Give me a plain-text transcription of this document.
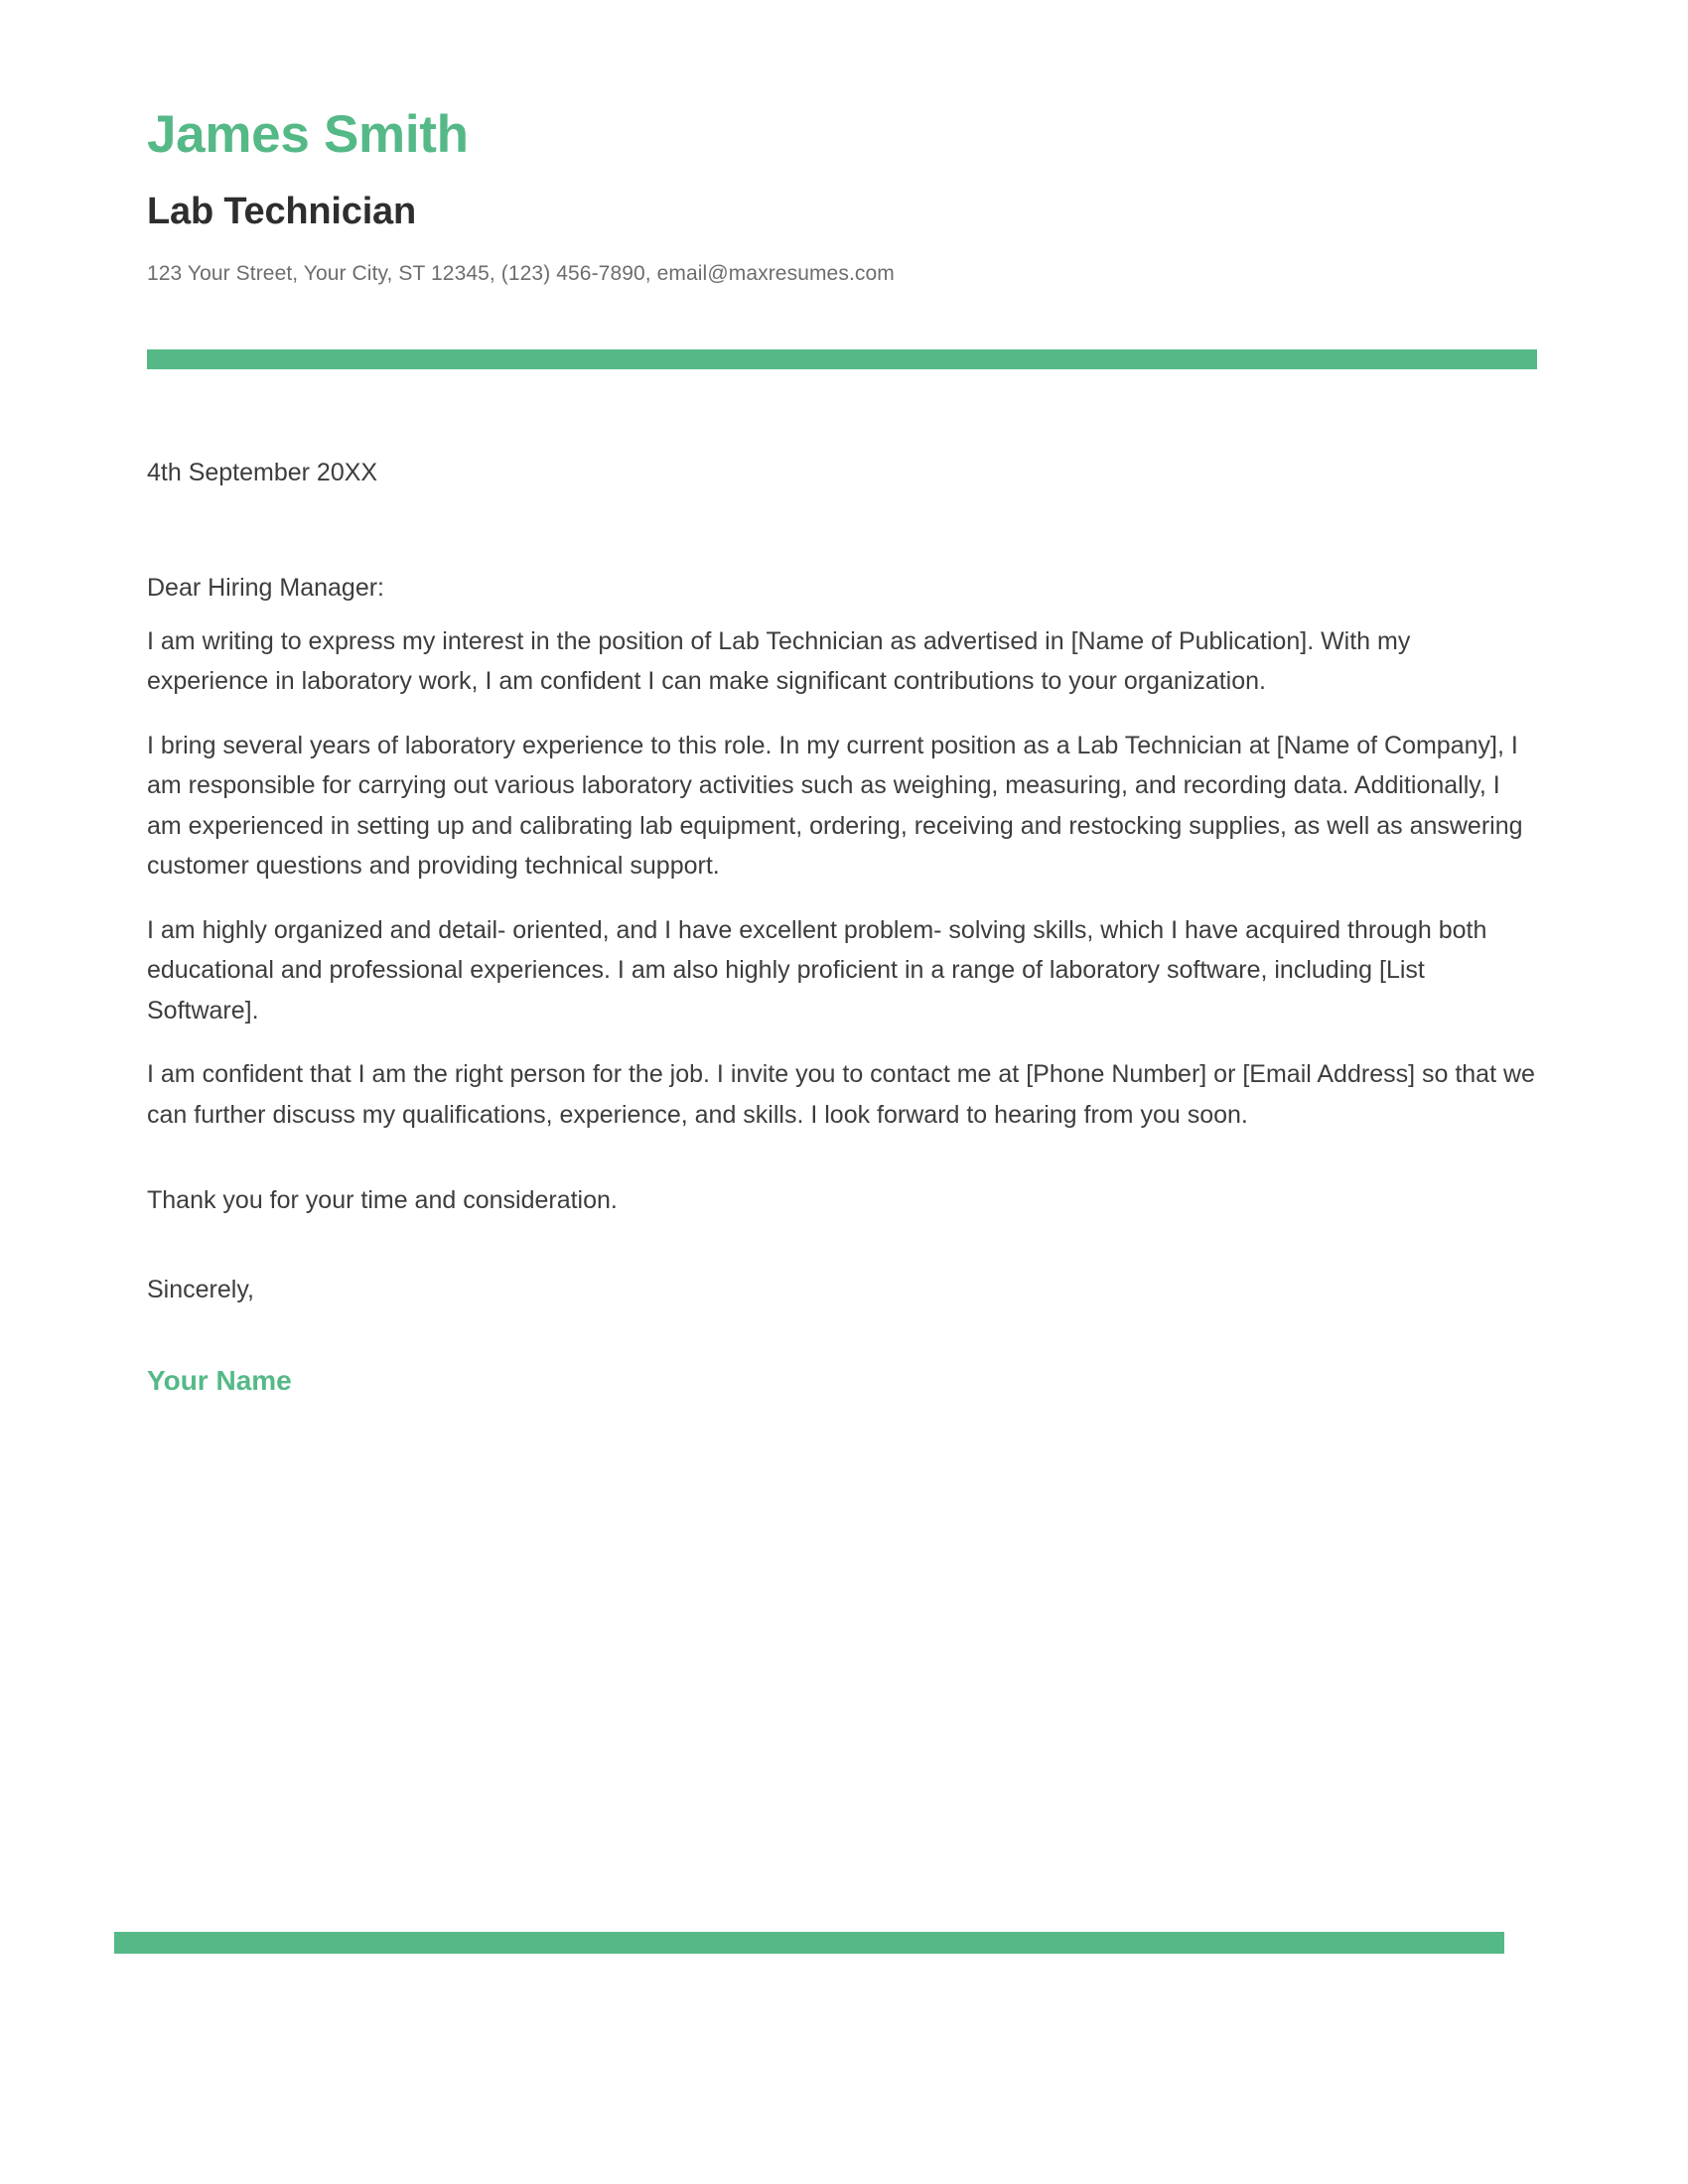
James Smith
Lab Technician
123 Your Street, Your City, ST 12345, (123) 456-7890, email@maxresumes.com
4th September 20XX
Dear Hiring Manager:

I am writing to express my interest in the position of Lab Technician as advertised in [Name of Publication]. With my experience in laboratory work, I am confident I can make significant contributions to your organization.

I bring several years of laboratory experience to this role. In my current position as a Lab Technician at [Name of Company], I am responsible for carrying out various laboratory activities such as weighing, measuring, and recording data. Additionally, I am experienced in setting up and calibrating lab equipment, ordering, receiving and restocking supplies, as well as answering customer questions and providing technical support.

I am highly organized and detail- oriented, and I have excellent problem- solving skills, which I have acquired through both educational and professional experiences. I am also highly proficient in a range of laboratory software, including [List Software].

I am confident that I am the right person for the job. I invite you to contact me at [Phone Number] or [Email Address] so that we can further discuss my qualifications, experience, and skills. I look forward to hearing from you soon.

Thank you for your time and consideration.
Sincerely,
Your Name
